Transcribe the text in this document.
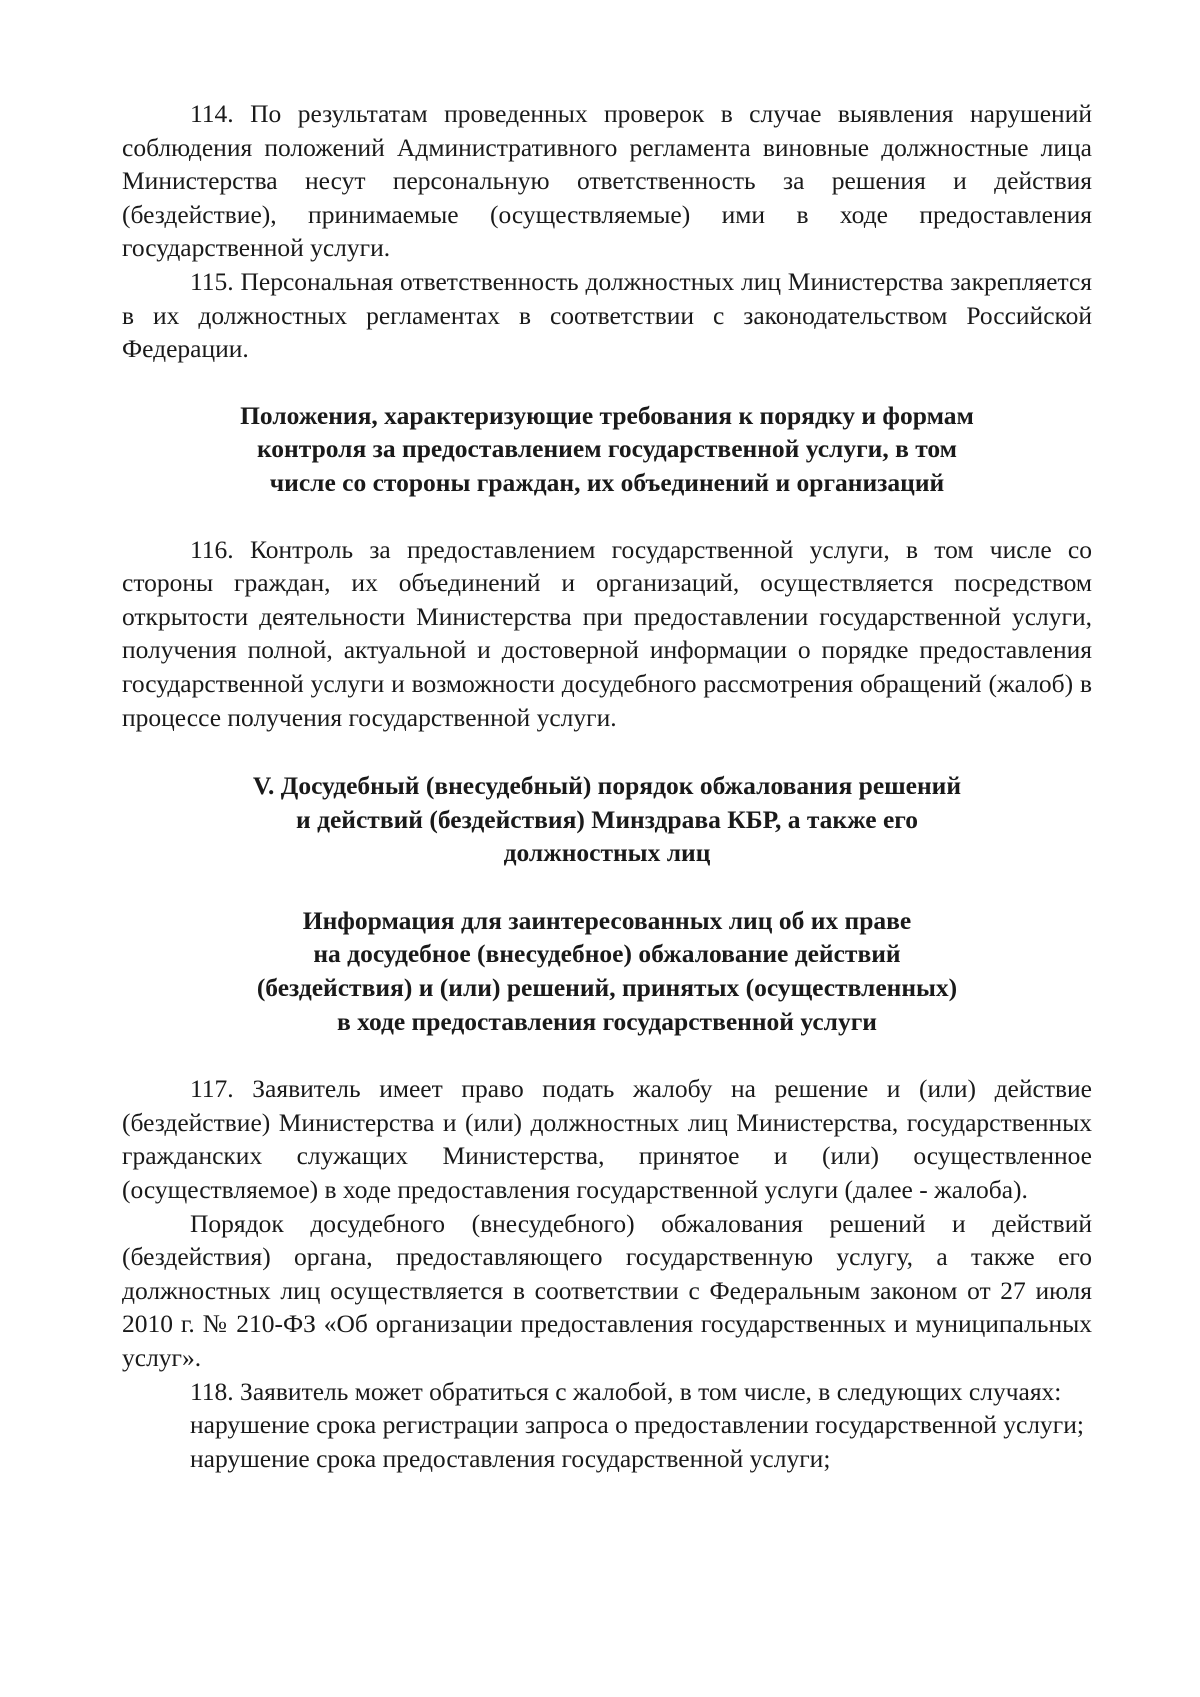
114. По результатам проведенных проверок в случае выявления нарушений соблюдения положений Административного регламента виновные должностные лица Министерства несут персональную ответственность за решения и действия (бездействие), принимаемые (осуществляемые) ими в ходе предоставления государственной услуги.

115. Персональная ответственность должностных лиц Министерства закрепляется в их должностных регламентах в соответствии с законодательством Российской Федерации.

Положения, характеризующие требования к порядку и формам
контроля за предоставлением государственной услуги, в том
числе со стороны граждан, их объединений и организаций

116. Контроль за предоставлением государственной услуги, в том числе со стороны граждан, их объединений и организаций, осуществляется посредством открытости деятельности Министерства при предоставлении государственной услуги, получения полной, актуальной и достоверной информации о порядке предоставления государственной услуги и возможности досудебного рассмотрения обращений (жалоб) в процессе получения государственной услуги.

V. Досудебный (внесудебный) порядок обжалования решений
и действий (бездействия) Минздрава КБР, а также его
должностных лиц
Информация для заинтересованных лиц об их праве
на досудебное (внесудебное) обжалование действий
(бездействия) и (или) решений, принятых (осуществленных)
в ходе предоставления государственной услуги

117. Заявитель имеет право подать жалобу на решение и (или) действие (бездействие) Министерства и (или) должностных лиц Министерства, государственных гражданских служащих Министерства, принятое и (или) осуществленное (осуществляемое) в ходе предоставления государственной услуги (далее - жалоба).

Порядок досудебного (внесудебного) обжалования решений и действий (бездействия) органа, предоставляющего государственную услугу, а также его должностных лиц осуществляется в соответствии с Федеральным законом от 27 июля 2010 г. № 210-ФЗ «Об организации предоставления государственных и муниципальных услуг».

118. Заявитель может обратиться с жалобой, в том числе, в следующих случаях:

нарушение срока регистрации запроса о предоставлении государственной услуги;

нарушение срока предоставления государственной услуги;
